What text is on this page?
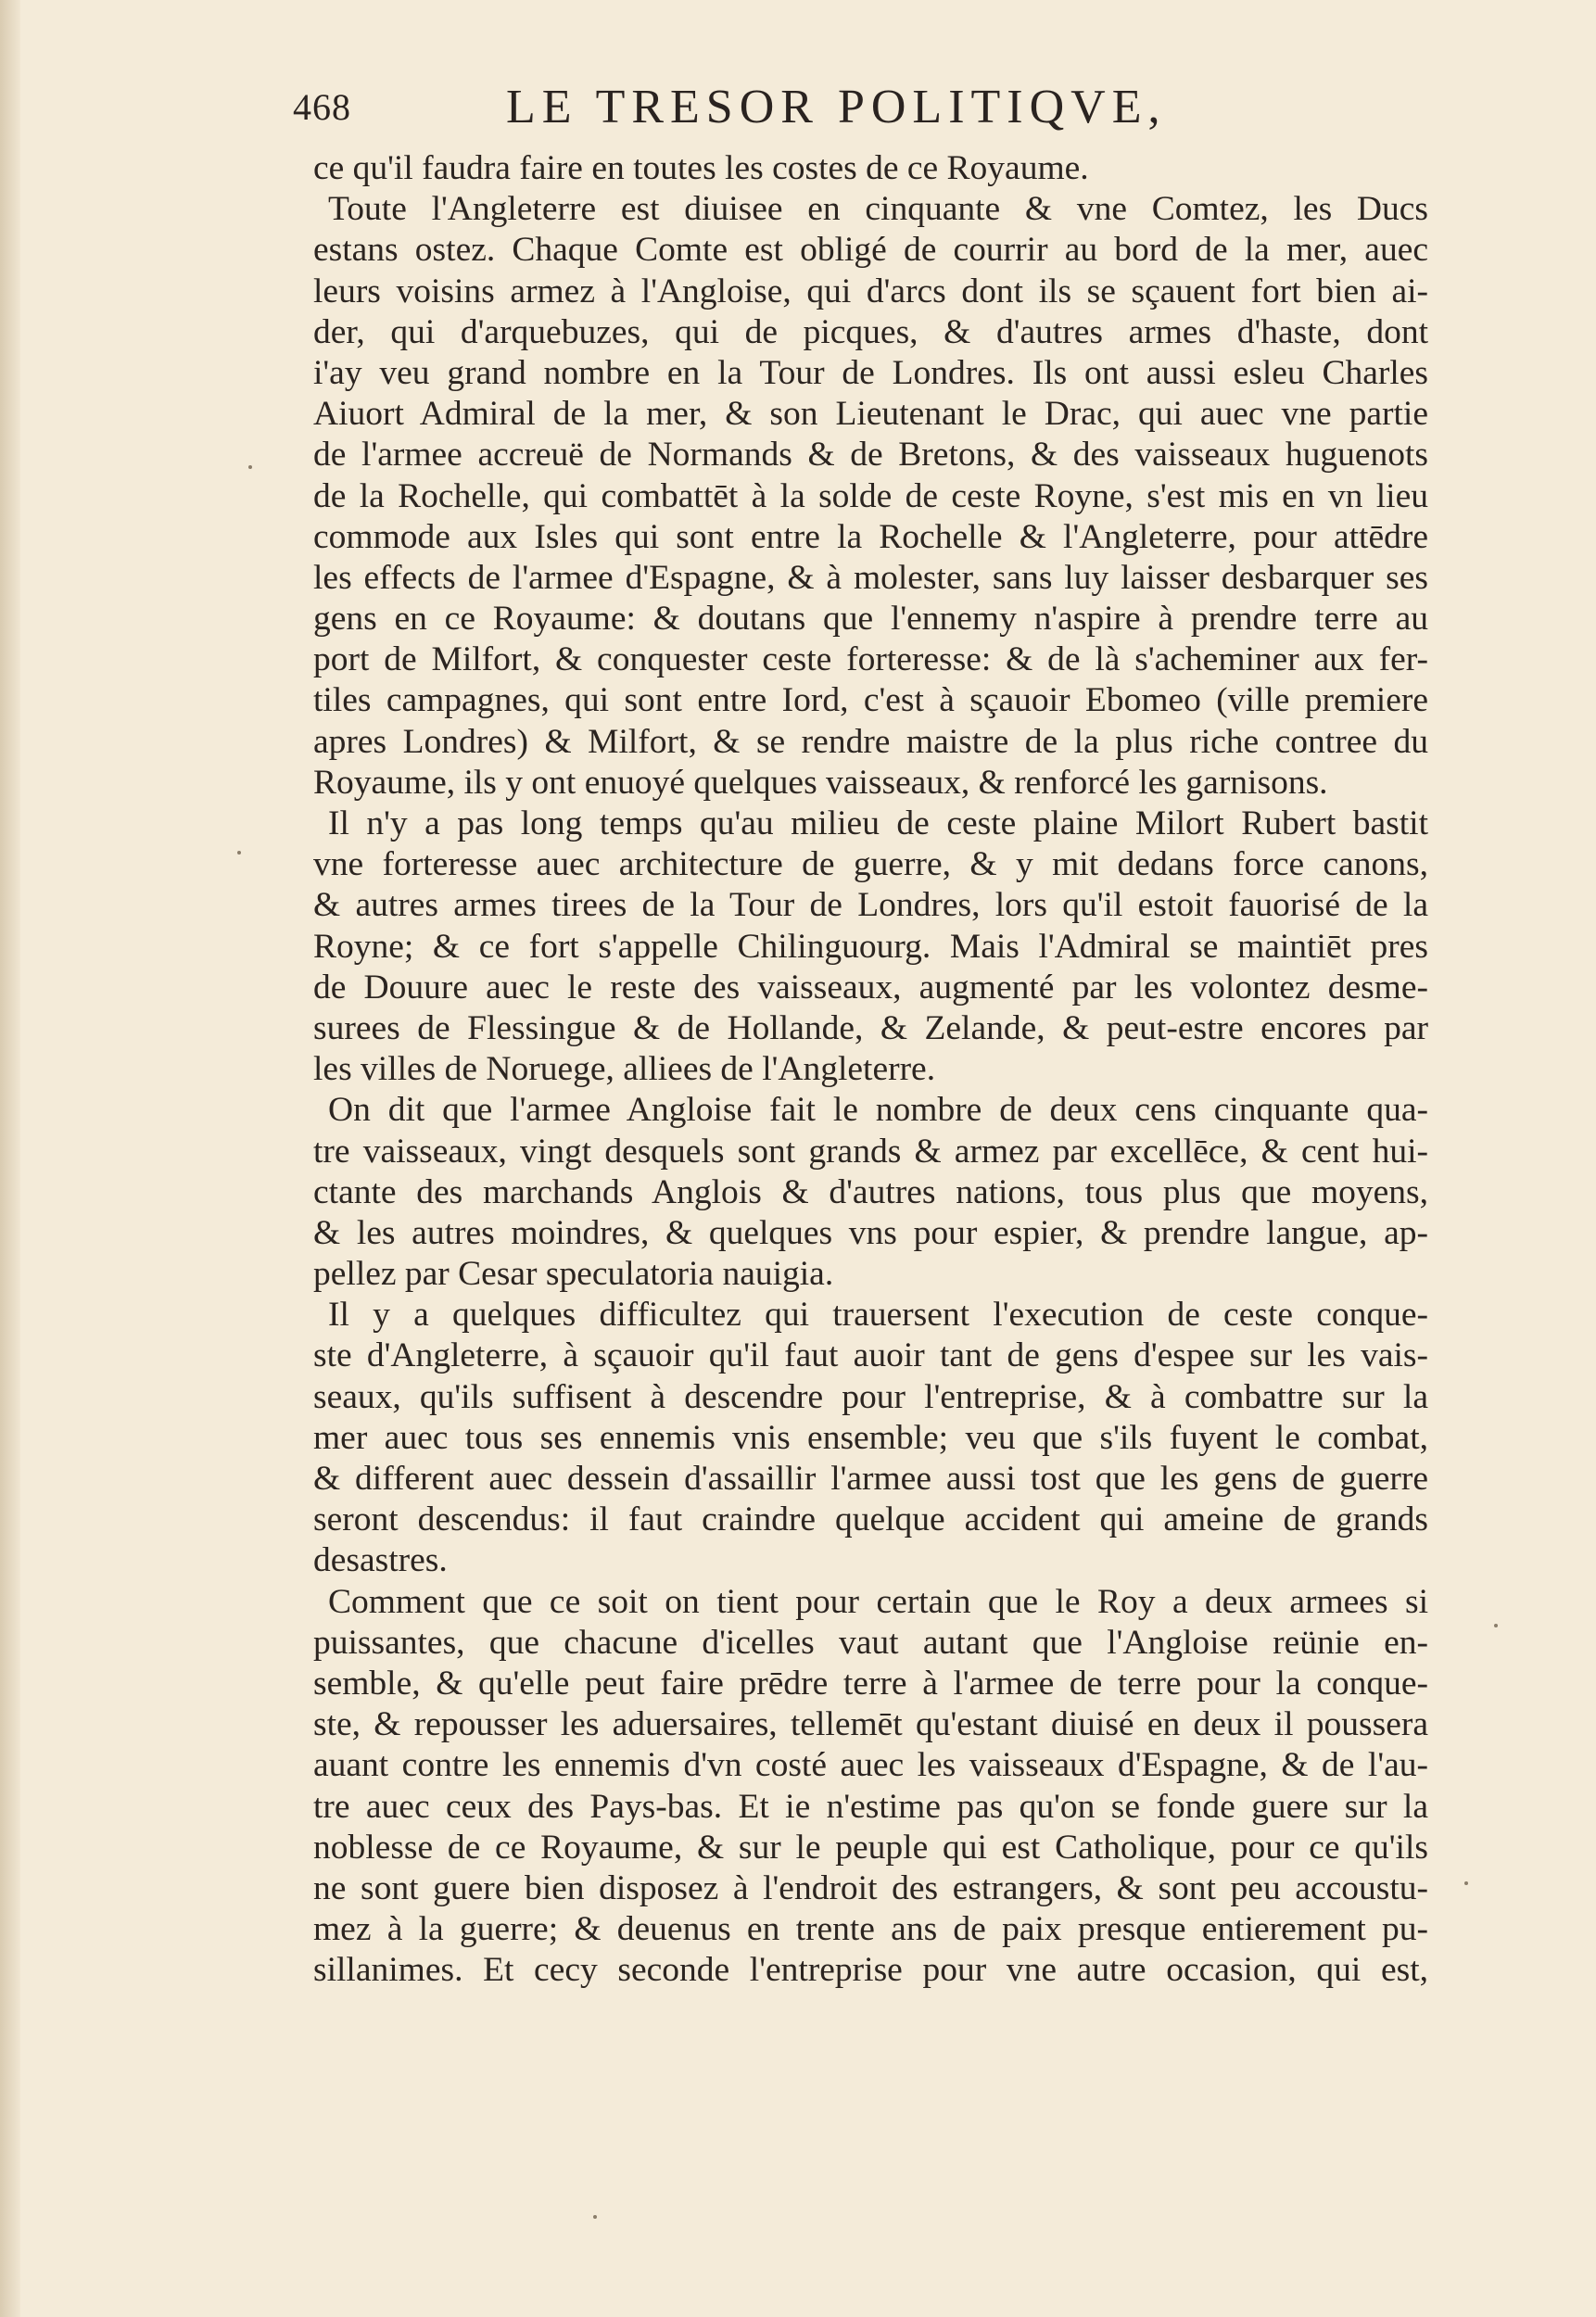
468	LE TRESOR POLITIQVE,
ce qu'il faudra faire en toutes les costes de ce Royaume.
Toute l'Angleterre est diuisee en cinquante & vne Comtez, les Ducs
estans ostez. Chaque Comte est obligé de courrir au bord de la mer, auec
leurs voisins armez à l'Angloise, qui d'arcs dont ils se sçauent fort bien ai-
der, qui d'arquebuzes, qui de picques, & d'autres armes d'haste, dont
i'ay veu grand nombre en la Tour de Londres. Ils ont aussi esleu Charles
Aiuort Admiral de la mer, & son Lieutenant le Drac, qui auec vne partie
de l'armee accreuë de Normands & de Bretons, & des vaisseaux huguenots
de la Rochelle, qui combattēt à la solde de ceste Royne, s'est mis en vn lieu
commode aux Isles qui sont entre la Rochelle & l'Angleterre, pour attēdre
les effects de l'armee d'Espagne, & à molester, sans luy laisser desbarquer ses
gens en ce Royaume: & doutans que l'ennemy n'aspire à prendre terre au
port de Milfort, & conquester ceste forteresse: & de là s'acheminer aux fer-
tiles campagnes, qui sont entre Iord, c'est à sçauoir Ebomeo (ville premiere
apres Londres) & Milfort, & se rendre maistre de la plus riche contree du
Royaume, ils y ont enuoyé quelques vaisseaux, & renforcé les garnisons.
Il n'y a pas long temps qu'au milieu de ceste plaine Milort Rubert bastit
vne forteresse auec architecture de guerre, & y mit dedans force canons,
& autres armes tirees de la Tour de Londres, lors qu'il estoit fauorisé de la
Royne; & ce fort s'appelle Chilinguourg. Mais l'Admiral se maintiēt pres
de Douure auec le reste des vaisseaux, augmenté par les volontez desme-
surees de Flessingue & de Hollande, & Zelande, & peut-estre encores par
les villes de Noruege, alliees de l'Angleterre.
On dit que l'armee Angloise fait le nombre de deux cens cinquante qua-
tre vaisseaux, vingt desquels sont grands & armez par excellēce, & cent hui-
ctante des marchands Anglois & d'autres nations, tous plus que moyens,
& les autres moindres, & quelques vns pour espier, & prendre langue, ap-
pellez par Cesar speculatoria nauigia.
Il y a quelques difficultez qui trauersent l'execution de ceste conque-
ste d'Angleterre, à sçauoir qu'il faut auoir tant de gens d'espee sur les vais-
seaux, qu'ils suffisent à descendre pour l'entreprise, & à combattre sur la
mer auec tous ses ennemis vnis ensemble; veu que s'ils fuyent le combat,
& different auec dessein d'assaillir l'armee aussi tost que les gens de guerre
seront descendus: il faut craindre quelque accident qui ameine de grands
desastres.
Comment que ce soit on tient pour certain que le Roy a deux armees si
puissantes, que chacune d'icelles vaut autant que l'Angloise reünie en-
semble, & qu'elle peut faire prēdre terre à l'armee de terre pour la conque-
ste, & repousser les aduersaires, tellemēt qu'estant diuisé en deux il poussera
auant contre les ennemis d'vn costé auec les vaisseaux d'Espagne, & de l'au-
tre auec ceux des Pays-bas. Et ie n'estime pas qu'on se fonde guere sur la
noblesse de ce Royaume, & sur le peuple qui est Catholique, pour ce qu'ils
ne sont guere bien disposez à l'endroit des estrangers, & sont peu accoustu-
mez à la guerre; & deuenus en trente ans de paix presque entierement pu-
sillanimes. Et cecy seconde l'entreprise pour vne autre occasion, qui est,
